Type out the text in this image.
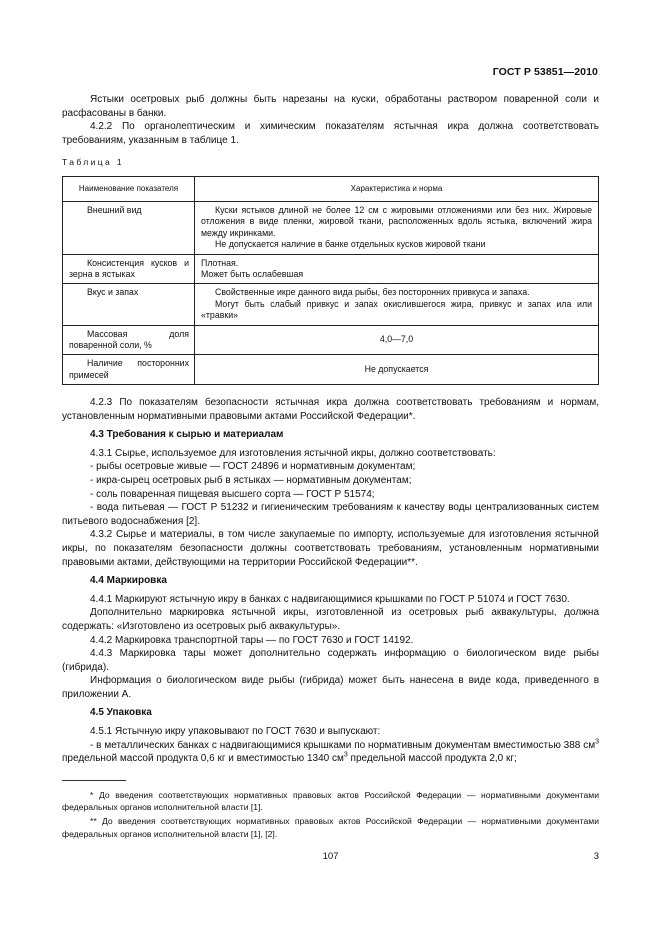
ГОСТ Р 53851—2010

Ястыки осетровых рыб должны быть нарезаны на куски, обработаны раствором поваренной соли и расфасованы в банки.

4.2.2 По органолептическим и химическим показателям ястычная икра должна соответствовать требованиям, указанным в таблице 1.

Таблица 1
Наименование показателя	Характеристика и норма

Внешний вид	Куски ястыков длиной не более 12 см с жировыми отложениями или без них. Жировые отложения в виде пленки, жировой ткани, расположенных вдоль ястыка, включений жира между икринками.

Не допускается наличие в банке отдельных кусков жировой ткани

Консистенция кусков и зерна в ястыках	Плотная.

Может быть ослабевшая

Вкус и запах	Свойственные икре данного вида рыбы, без посторонних привкуса и запаха.

Могут быть слабый привкус и запах окислившегося жира, привкус и запах ила или «травки»

Массовая доля поваренной соли, %	4,0—7,0

Наличие посторонних примесей	Не допускается

4.2.3 По показателям безопасности ястычная икра должна соответствовать требованиям и нормам, установленным нормативными правовыми актами Российской Федерации*.

4.3 Требования к сырью и материалам

4.3.1 Сырье, используемое для изготовления ястычной икры, должно соответствовать:

- рыбы осетровые живые — ГОСТ 24896 и нормативным документам;

- икра-сырец осетровых рыб в ястыках — нормативным документам;

- соль поваренная пищевая высшего сорта — ГОСТ Р 51574;

- вода питьевая — ГОСТ Р 51232 и гигиеническим требованиям к качеству воды централизованных систем питьевого водоснабжения [2].

4.3.2 Сырье и материалы, в том числе закупаемые по импорту, используемые для изготовления ястычной икры, по показателям безопасности должны соответствовать требованиям, установленным нормативными правовыми актами, действующими на территории Российской Федерации**.

4.4 Маркировка

4.4.1 Маркируют ястычную икру в банках с надвигающимися крышками по ГОСТ Р 51074 и ГОСТ 7630.

Дополнительно маркировка ястычной икры, изготовленной из осетровых рыб аквакультуры, должна содержать: «Изготовлено из осетровых рыб аквакультуры».

4.4.2 Маркировка транспортной тары — по ГОСТ 7630 и ГОСТ 14192.

4.4.3 Маркировка тары может дополнительно содержать информацию о биологическом виде рыбы (гибрида).

Информация о биологическом виде рыбы (гибрида) может быть нанесена в виде кода, приведенного в приложении А.

4.5 Упаковка

4.5.1 Ястычную икру упаковывают по ГОСТ 7630 и выпускают:

- в металлических банках с надвигающимися крышками по нормативным документам вместимостью 388 $см^3$ предельной массой продукта 0,6 кг и вместимостью 1340 $см^3$ предельной массой продукта 2,0 кг;

* До введения соответствующих нормативных правовых актов Российской Федерации — нормативными документами федеральных органов исполнительной власти [1].

** До введения соответствующих нормативных правовых актов Российской Федерации — нормативными документами федеральных органов исполнительной власти [1], [2].

107	3
